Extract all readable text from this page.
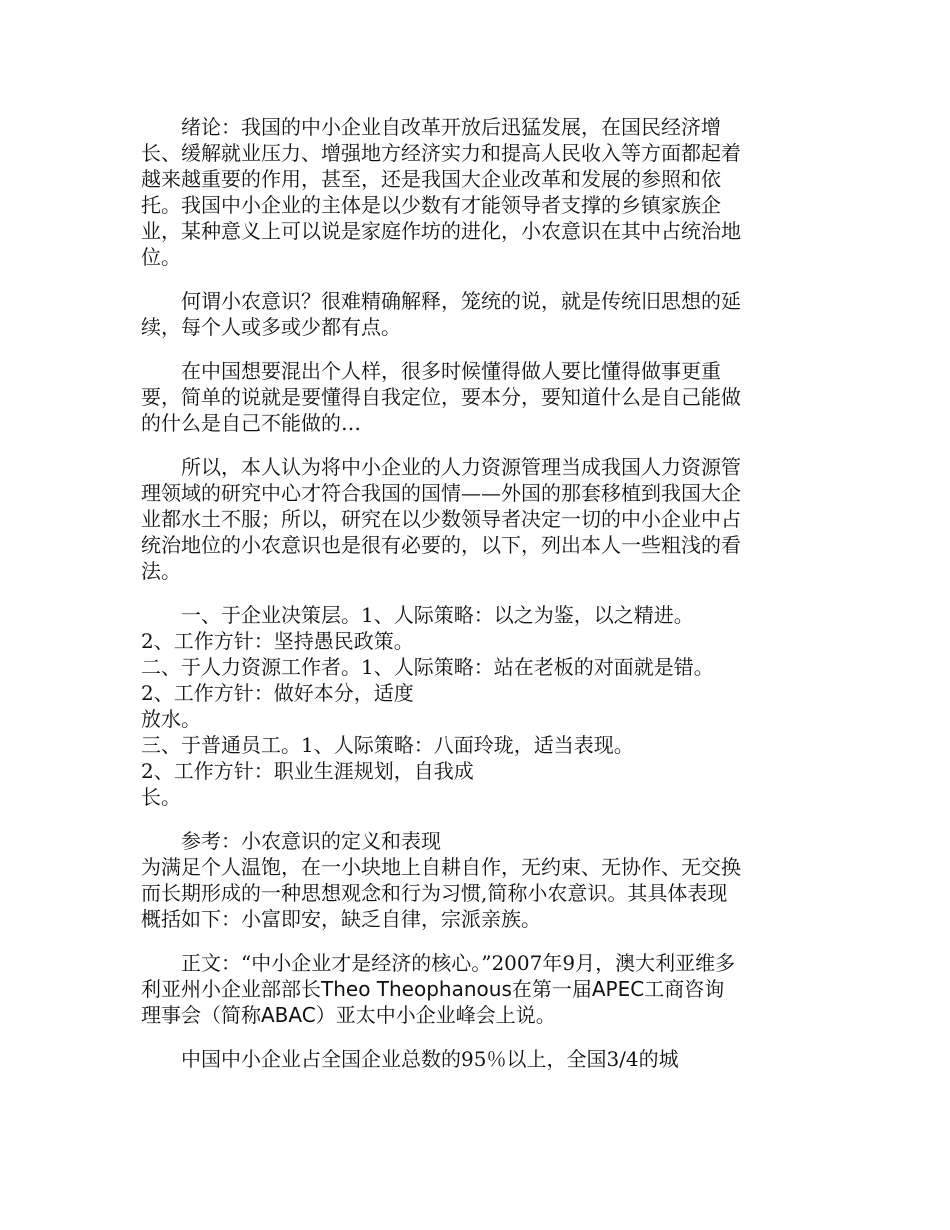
绪论：我国的中小企业自改革开放后迅猛发展，在国民经济增长、缓解就业压力、增强地方经济实力和提高人民收入等方面都起着越来越重要的作用，甚至，还是我国大企业改革和发展的参照和依托。我国中小企业的主体是以少数有才能领导者支撑的乡镇家族企业，某种意义上可以说是家庭作坊的进化，小农意识在其中占统治地位。

何谓小农意识？很难精确解释，笼统的说，就是传统旧思想的延续，每个人或多或少都有点。

在中国想要混出个人样，很多时候懂得做人要比懂得做事更重要，简单的说就是要懂得自我定位，要本分，要知道什么是自己能做的什么是自己不能做的…

所以，本人认为将中小企业的人力资源管理当成我国人力资源管理领域的研究中心才符合我国的国情——外国的那套移植到我国大企业都水土不服；所以，研究在以少数领导者决定一切的中小企业中占统治地位的小农意识也是很有必要的，以下，列出本人一些粗浅的看法。

一、于企业决策层。1、人际策略：以之为鉴，以之精进。

2、工作方针：坚持愚民政策。

二、于人力资源工作者。1、人际策略：站在老板的对面就是错。

2、工作方针：做好本分，适度

放水。

三、于普通员工。1、人际策略：八面玲珑，适当表现。

2、工作方针：职业生涯规划，自我成

长。

参考：小农意识的定义和表现

为满足个人温饱，在一小块地上自耕自作，无约束、无协作、无交换而长期形成的一种思想观念和行为习惯,简称小农意识。其具体表现概括如下：小富即安，缺乏自律，宗派亲族。

正文：“中小企业才是经济的核心。”2007年9月，澳大利亚维多利亚州小企业部部长Theo Theophanous在第一届APEC工商咨询理事会（简称ABAC）亚太中小企业峰会上说。

中国中小企业占全国企业总数的95％以上，全国3/4的城
